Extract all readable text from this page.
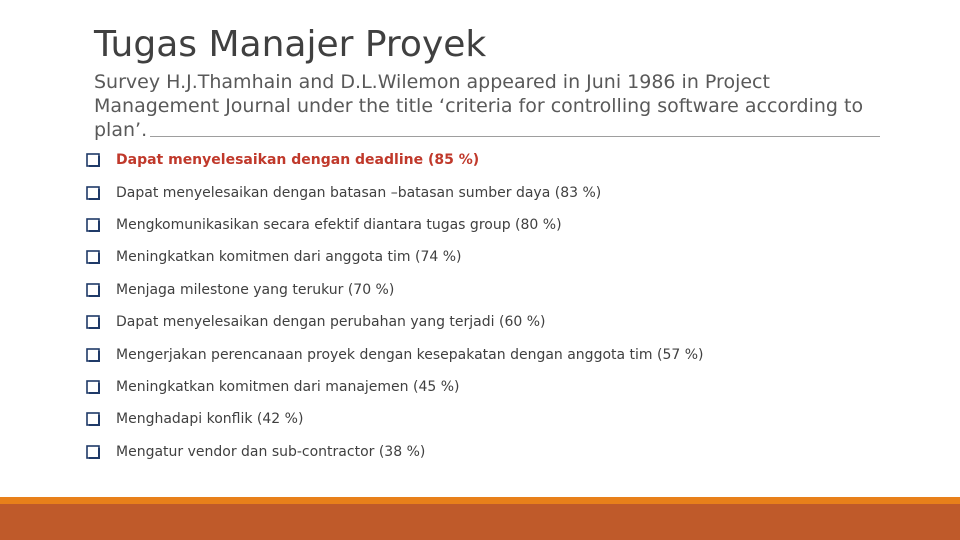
Tugas Manajer Proyek
Survey H.J.Thamhain and D.L.Wilemon appeared in Juni 1986 in Project Management Journal under the title ‘criteria for controlling software according to plan’.
Dapat menyelesaikan dengan deadline (85 %)
Dapat menyelesaikan dengan batasan –batasan sumber daya (83 %)
Mengkomunikasikan secara efektif diantara tugas group (80 %)
Meningkatkan komitmen dari anggota tim (74 %)
Menjaga milestone yang terukur (70 %)
Dapat menyelesaikan dengan perubahan yang terjadi (60 %)
Mengerjakan perencanaan proyek dengan kesepakatan dengan anggota tim (57 %)
Meningkatkan komitmen dari manajemen (45 %)
Menghadapi konflik (42 %)
Mengatur vendor dan sub-contractor (38 %)
